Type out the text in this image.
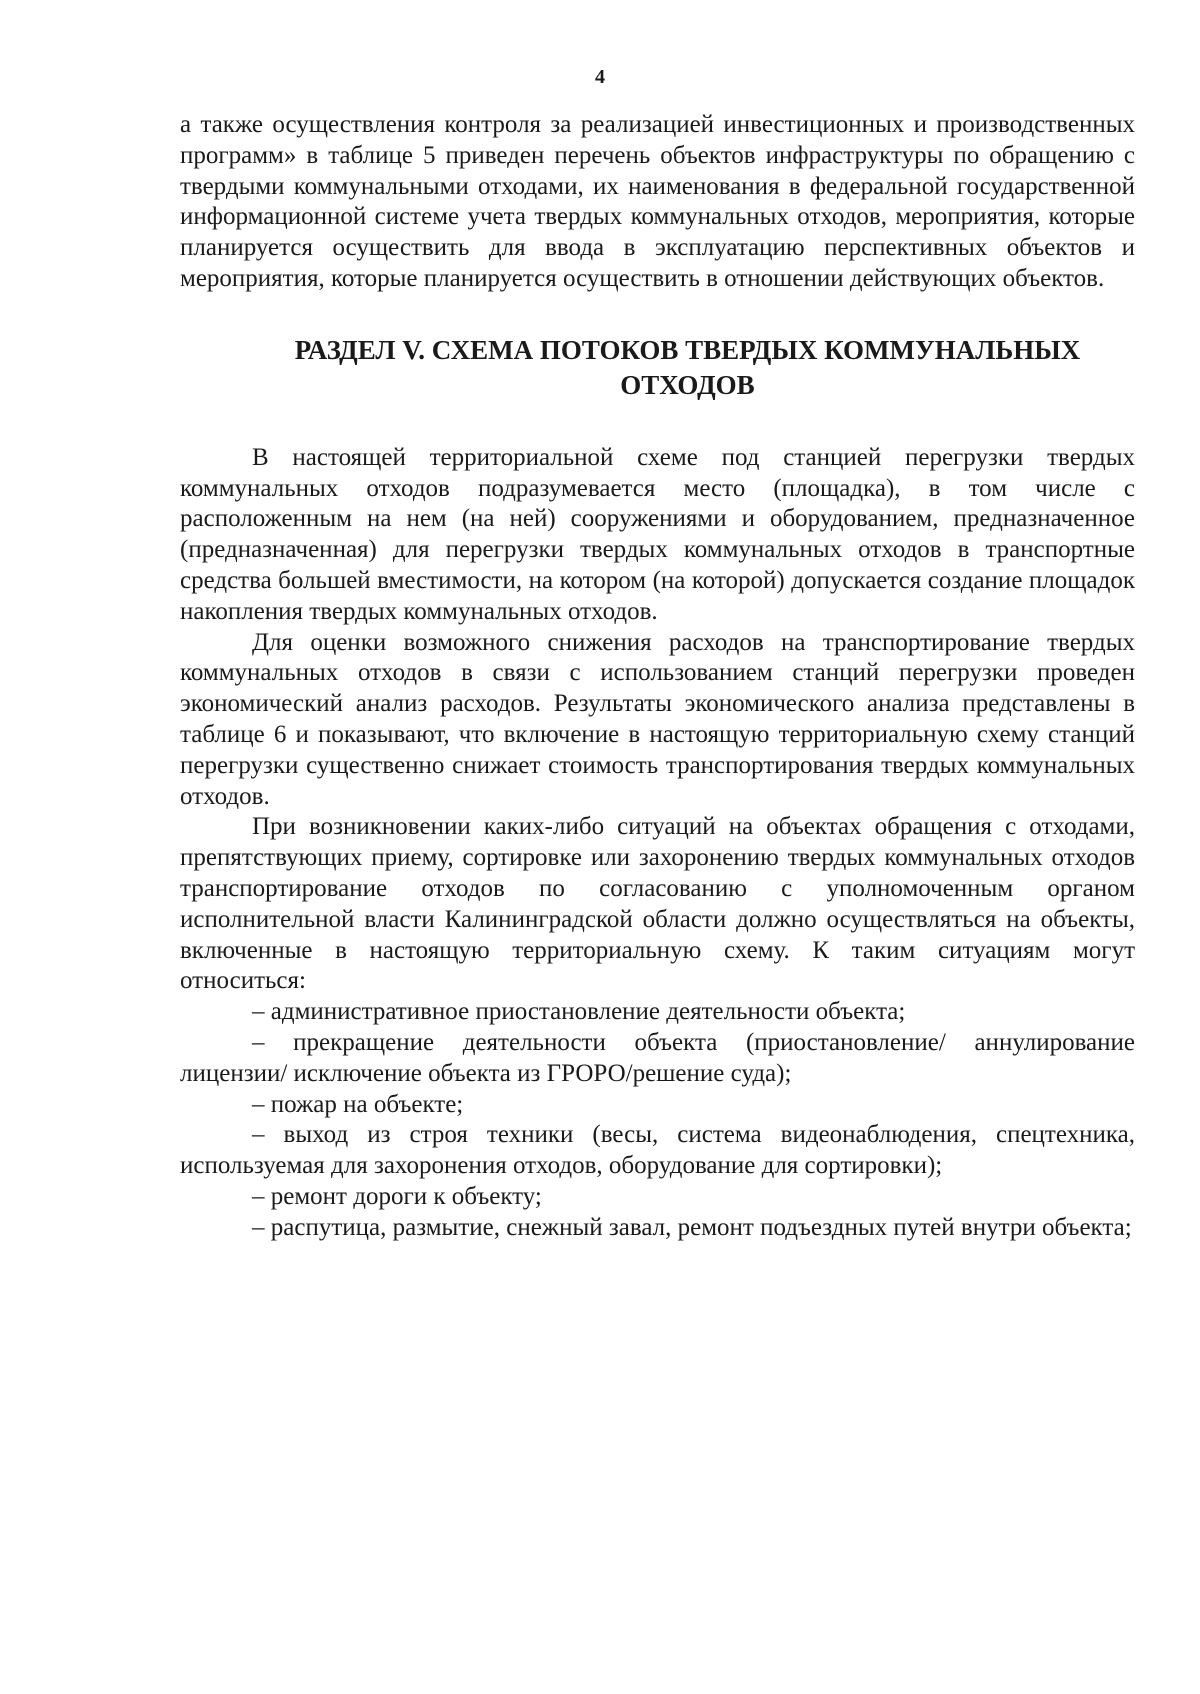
4

а также осуществления контроля за реализацией инвестиционных и производственных программ» в таблице 5 приведен перечень объектов инфраструктуры по обращению с твердыми коммунальными отходами, их наименования в федеральной государственной информационной системе учета твердых коммунальных отходов, мероприятия, которые планируется осуществить для ввода в эксплуатацию перспективных объектов и мероприятия, которые планируется осуществить в отношении действующих объектов.

РАЗДЕЛ V. СХЕМА ПОТОКОВ ТВЕРДЫХ КОММУНАЛЬНЫХ
ОТХОДОВ

В настоящей территориальной схеме под станцией перегрузки твердых коммунальных отходов подразумевается место (площадка), в том числе с расположенным на нем (на ней) сооружениями и оборудованием, предназначенное (предназначенная) для перегрузки твердых коммунальных отходов в транспортные средства большей вместимости, на котором (на которой) допускается создание площадок накопления твердых коммунальных отходов.

Для оценки возможного снижения расходов на транспортирование твердых коммунальных отходов в связи с использованием станций перегрузки проведен экономический анализ расходов. Результаты экономического анализа представлены в таблице 6 и показывают, что включение в настоящую территориальную схему станций перегрузки существенно снижает стоимость транспортирования твердых коммунальных отходов.

При возникновении каких-либо ситуаций на объектах обращения с отходами, препятствующих приему, сортировке или захоронению твердых коммунальных отходов транспортирование отходов по согласованию с уполномоченным органом исполнительной власти Калининградской области должно осуществляться на объекты, включенные в настоящую территориальную схему. К таким ситуациям могут относиться:

– административное приостановление деятельности объекта;

– прекращение деятельности объекта (приостановление/ аннулирование лицензии/ исключение объекта из ГРОРО/решение суда);

– пожар на объекте;

– выход из строя техники (весы, система видеонаблюдения, спецтехника, используемая для захоронения отходов, оборудование для сортировки);

– ремонт дороги к объекту;

– распутица, размытие, снежный завал, ремонт подъездных путей внутри объекта;
